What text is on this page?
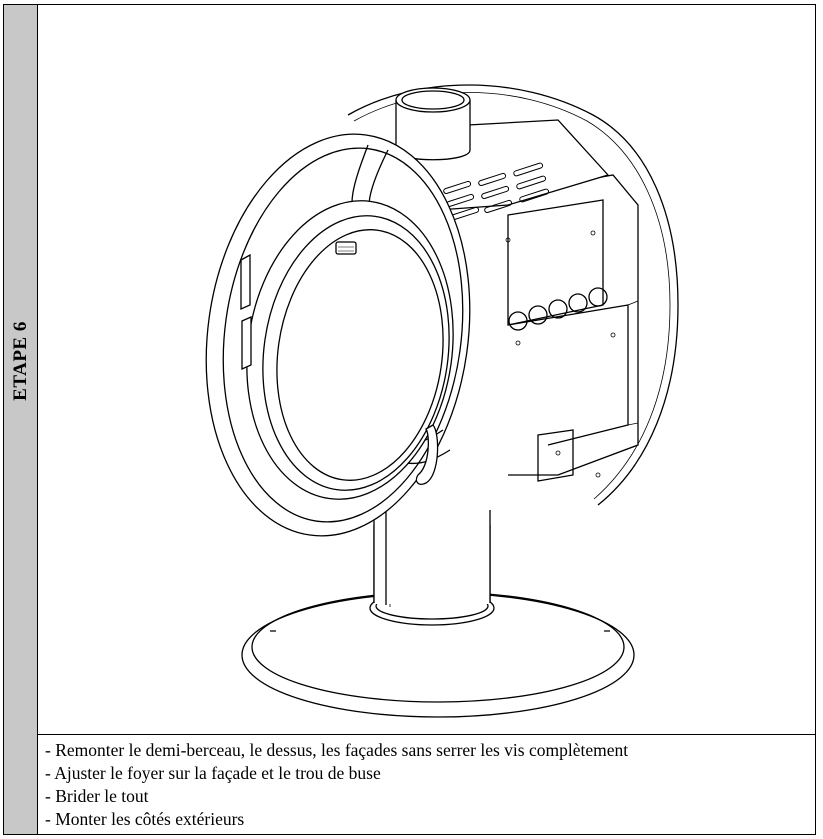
ETAPE 6
- Remonter le demi-berceau, le dessus, les façades sans serrer les vis complètement
- Ajuster le foyer sur la façade et le trou de buse
- Brider le tout
- Monter les côtés extérieurs
